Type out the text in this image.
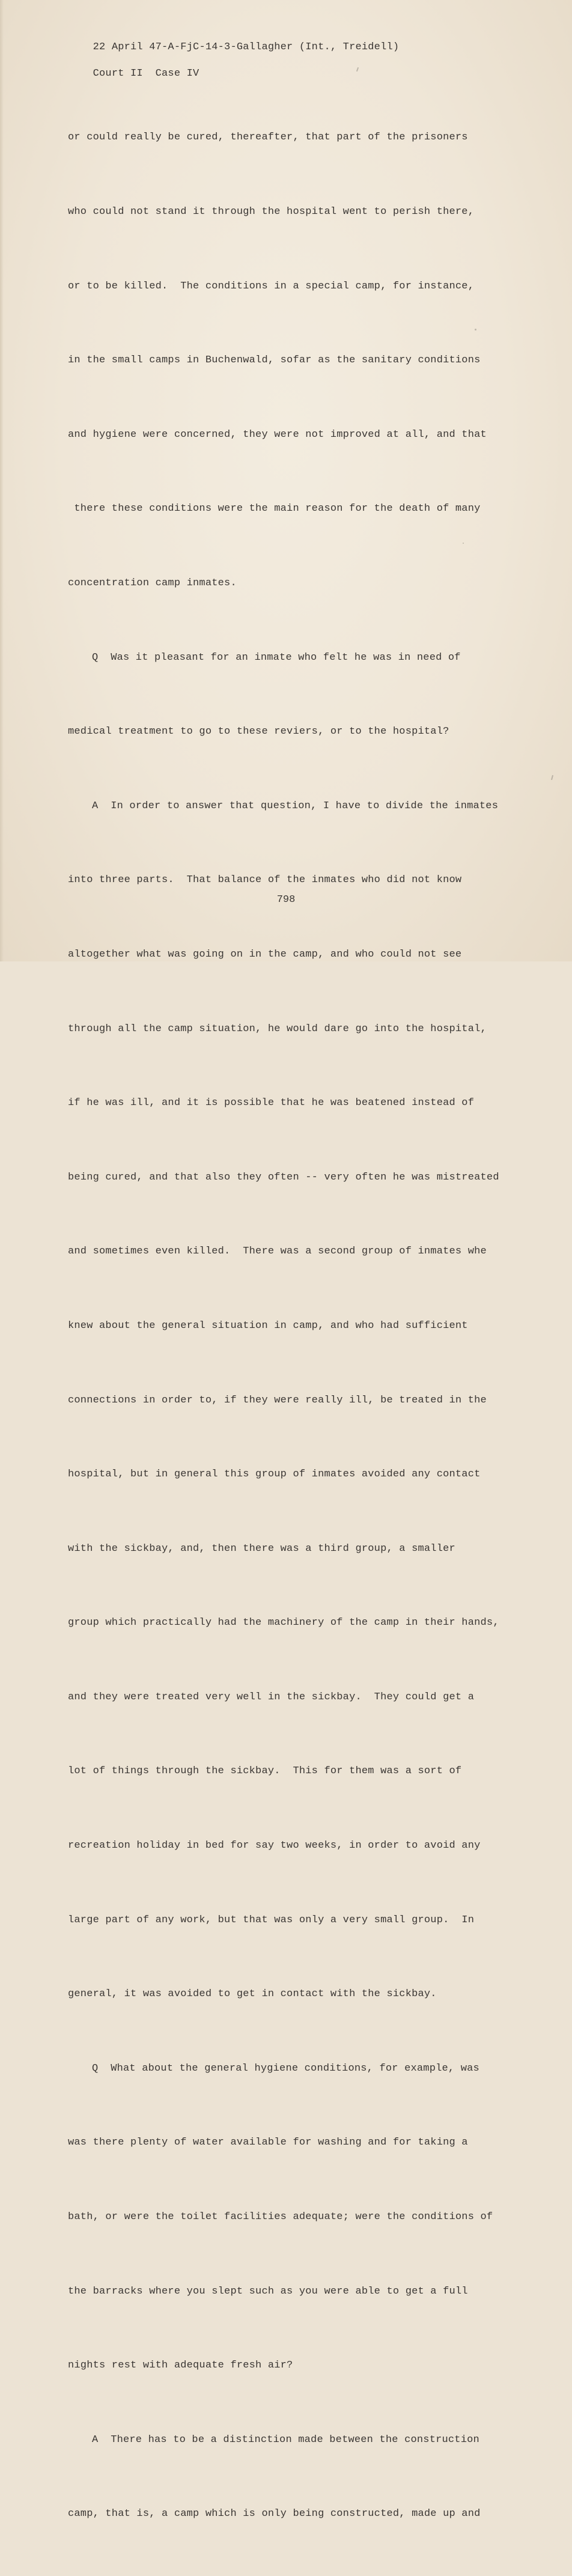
22 April 47-A-FjC-14-3-Gallagher (Int., Treidell)

Court II  Case IV

or could really be cured, thereafter, that part of the prisoners

who could not stand it through the hospital went to perish there,

or to be killed.  The conditions in a special camp, for instance,

in the small camps in Buchenwald, sofar as the sanitary conditions

and hygiene were concerned, they were not improved at all, and that

there these conditions were the main reason for the death of many

concentration camp inmates.

Q  Was it pleasant for an inmate who felt he was in need of

medical treatment to go to these reviers, or to the hospital?

A  In order to answer that question, I have to divide the inmates

into three parts.  That balance of the inmates who did not know

altogether what was going on in the camp, and who could not see

through all the camp situation, he would dare go into the hospital,

if he was ill, and it is possible that he was beatened instead of

being cured, and that also they often -- very often he was mistreated

and sometimes even killed.  There was a second group of inmates whe

knew about the general situation in camp, and who had sufficient

connections in order to, if they were really ill, be treated in the

hospital, but in general this group of inmates avoided any contact

with the sickbay, and, then there was a third group, a smaller

group which practically had the machinery of the camp in their hands,

and they were treated very well in the sickbay.  They could get a

lot of things through the sickbay.  This for them was a sort of

recreation holiday in bed for say two weeks, in order to avoid any

large part of any work, but that was only a very small group.  In

general, it was avoided to get in contact with the sickbay.

Q  What about the general hygiene conditions, for example, was

was there plenty of water available for washing and for taking a

bath, or were the toilet facilities adequate; were the conditions of

the barracks where you slept such as you were able to get a full

nights rest with adequate fresh air?

A  There has to be a distinction made between the construction

camp, that is, a camp which is only being constructed, made up and

798
